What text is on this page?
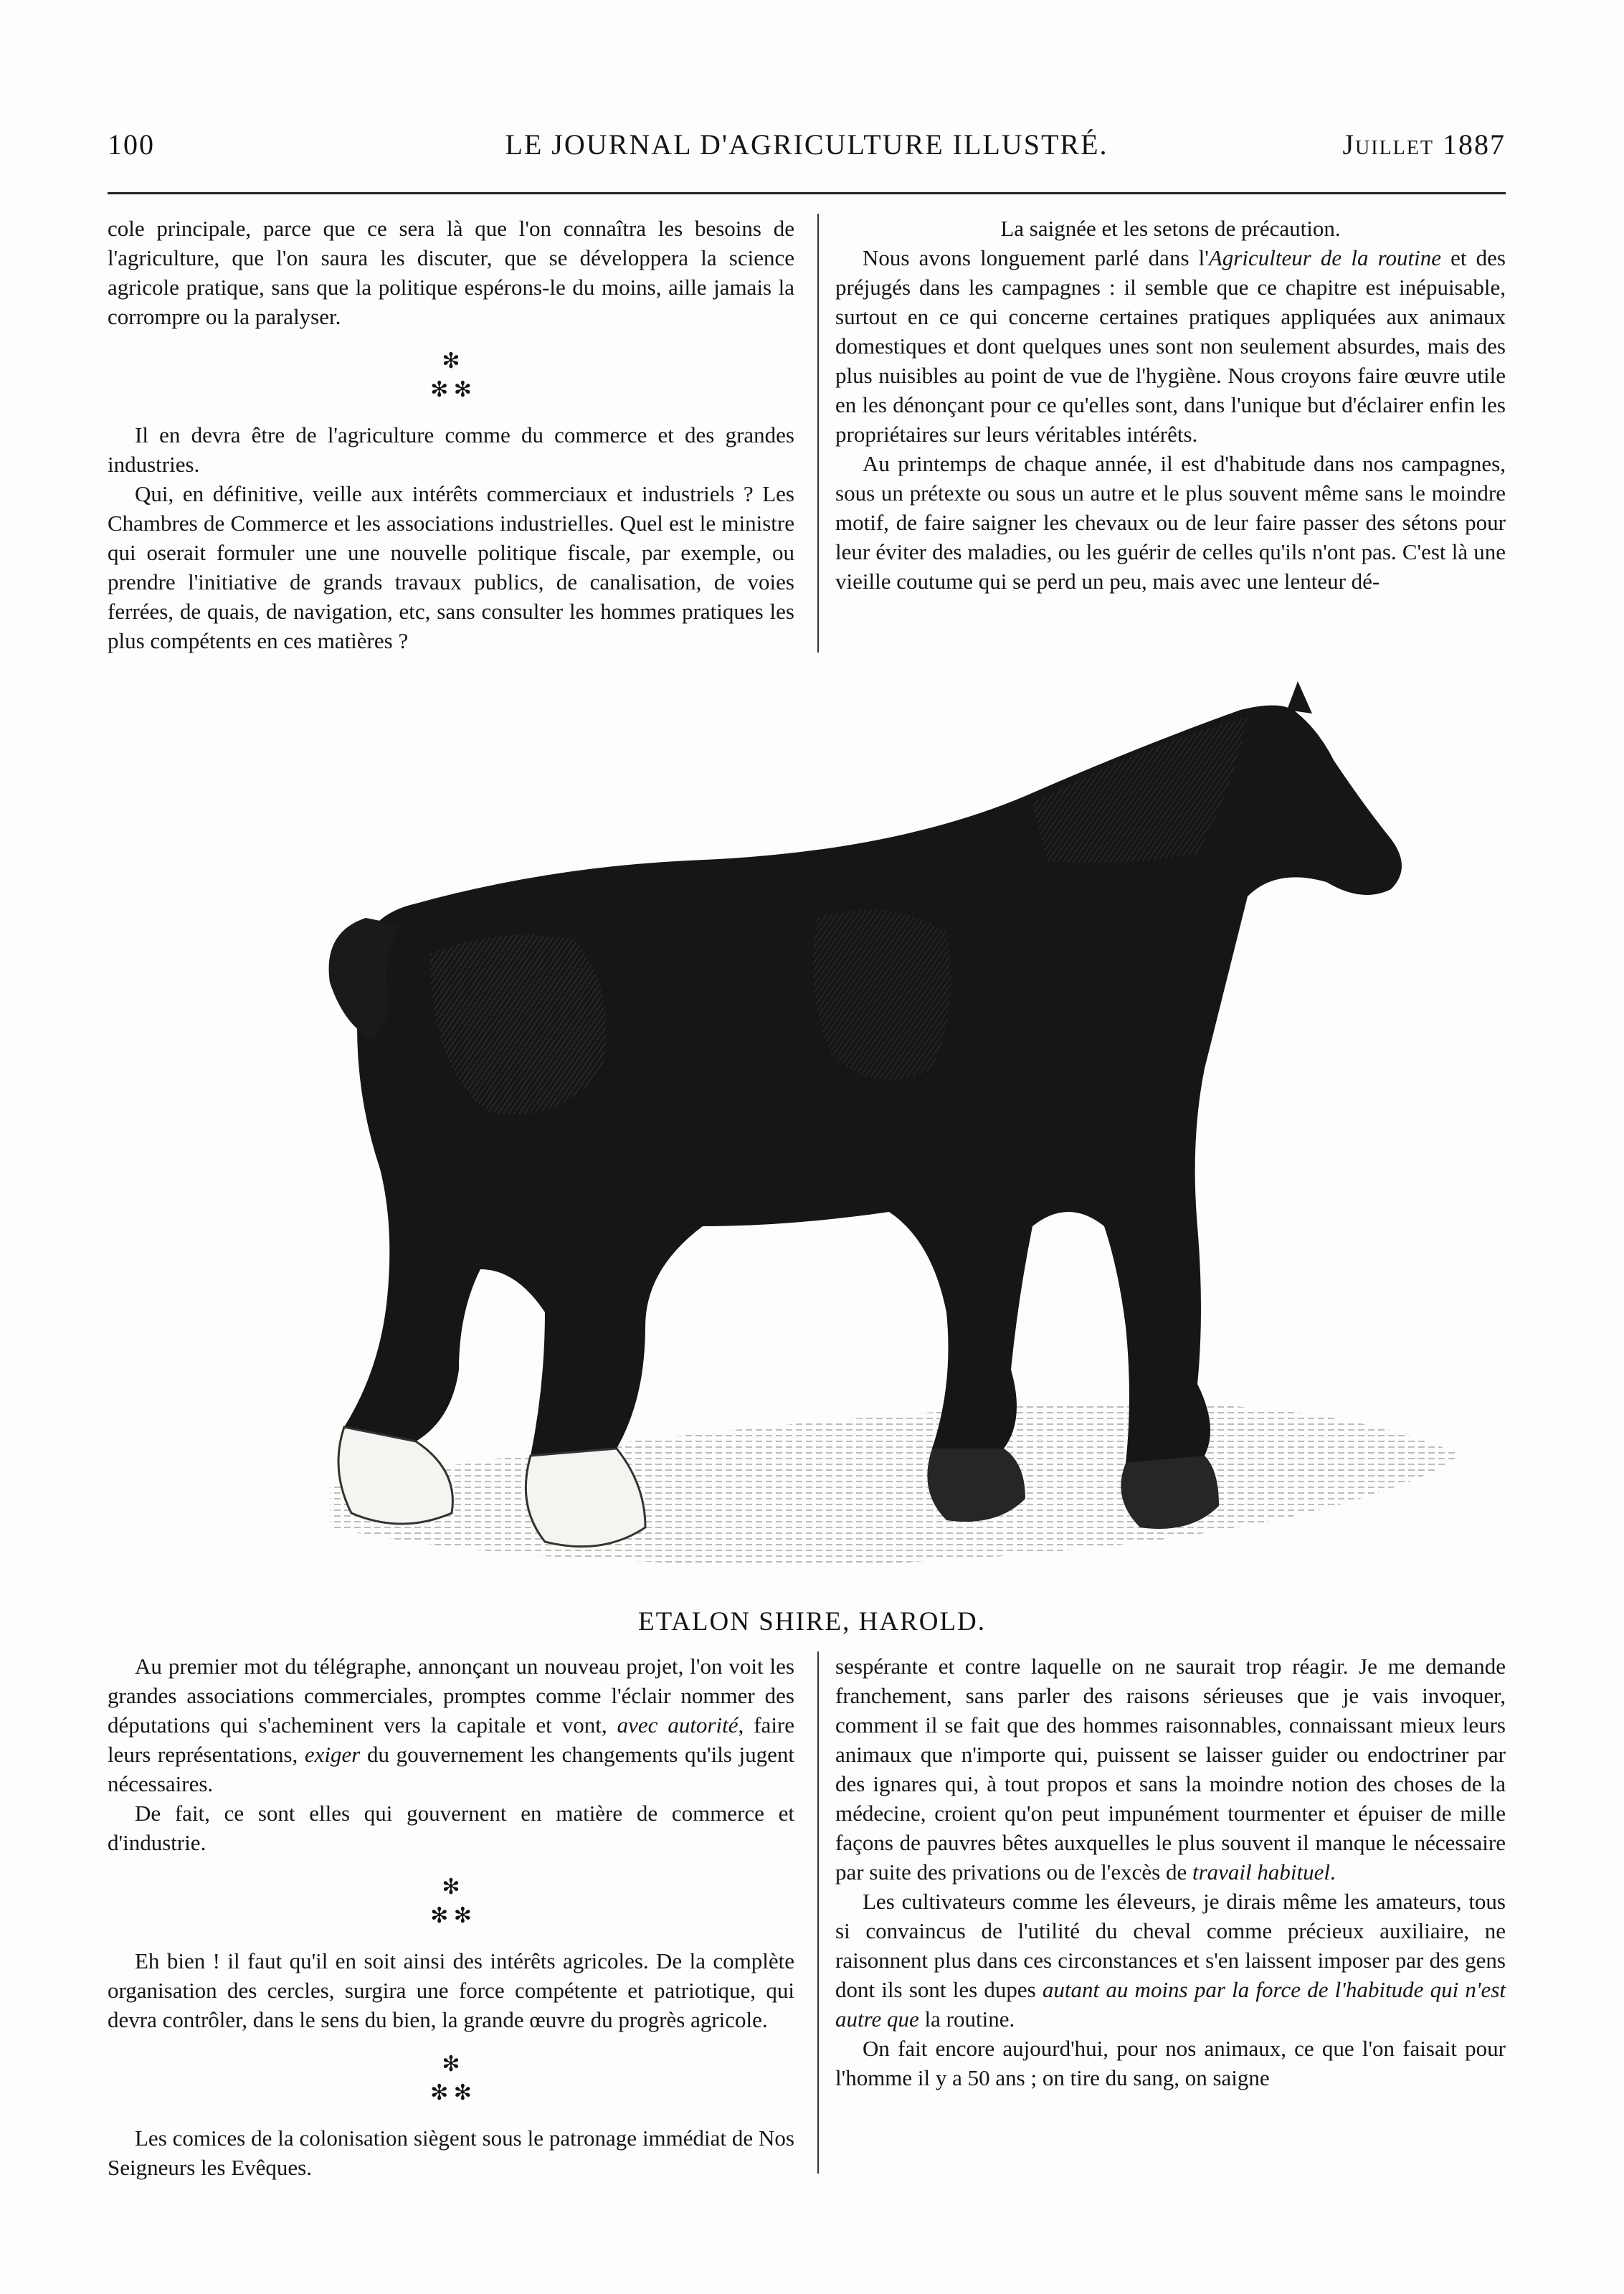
100	LE JOURNAL D'AGRICULTURE ILLUSTRÉ.	Juillet 1887

cole principale, parce que ce sera là que l'on connaîtra les besoins de l'agriculture, que l'on saura les discuter, que se développera la science agricole pratique, sans que la politique espérons-le du moins, aille jamais la corrompre ou la paralyser.

✻
✻ ✻

Il en devra être de l'agriculture comme du commerce et des grandes industries.

Qui, en définitive, veille aux intérêts commerciaux et industriels ? Les Chambres de Commerce et les associations industrielles. Quel est le ministre qui oserait formuler une une nouvelle politique fiscale, par exemple, ou prendre l'initiative de grands travaux publics, de canalisation, de voies ferrées, de quais, de navigation, etc, sans consulter les hommes pratiques les plus compétents en ces matières ?

La saignée et les setons de précaution.

Nous avons longuement parlé dans l'Agriculteur de la routine et des préjugés dans les campagnes : il semble que ce chapitre est inépuisable, surtout en ce qui concerne certaines pratiques appliquées aux animaux domestiques et dont quelques unes sont non seulement absurdes, mais des plus nuisibles au point de vue de l'hygiène. Nous croyons faire œuvre utile en les dénonçant pour ce qu'elles sont, dans l'unique but d'éclairer enfin les propriétaires sur leurs véritables intérêts.

Au printemps de chaque année, il est d'habitude dans nos campagnes, sous un prétexte ou sous un autre et le plus souvent même sans le moindre motif, de faire saigner les chevaux ou de leur faire passer des sétons pour leur éviter des maladies, ou les guérir de celles qu'ils n'ont pas. C'est là une vieille coutume qui se perd un peu, mais avec une lenteur dé-

ETALON SHIRE, HAROLD.

Au premier mot du télégraphe, annonçant un nouveau projet, l'on voit les grandes associations commerciales, promptes comme l'éclair nommer des députations qui s'acheminent vers la capitale et vont, avec autorité, faire leurs représentations, exiger du gouvernement les changements qu'ils jugent nécessaires.

De fait, ce sont elles qui gouvernent en matière de commerce et d'industrie.

✻
✻ ✻

Eh bien ! il faut qu'il en soit ainsi des intérêts agricoles. De la complète organisation des cercles, surgira une force compétente et patriotique, qui devra contrôler, dans le sens du bien, la grande œuvre du progrès agricole.

✻
✻ ✻

Les comices de la colonisation siègent sous le patronage immédiat de Nos Seigneurs les Evêques.

sespérante et contre laquelle on ne saurait trop réagir. Je me demande franchement, sans parler des raisons sérieuses que je vais invoquer, comment il se fait que des hommes raisonnables, connaissant mieux leurs animaux que n'importe qui, puissent se laisser guider ou endoctriner par des ignares qui, à tout propos et sans la moindre notion des choses de la médecine, croient qu'on peut impunément tourmenter et épuiser de mille façons de pauvres bêtes auxquelles le plus souvent il manque le nécessaire par suite des privations ou de l'excès de travail habituel.

Les cultivateurs comme les éleveurs, je dirais même les amateurs, tous si convaincus de l'utilité du cheval comme précieux auxiliaire, ne raisonnent plus dans ces circonstances et s'en laissent imposer par des gens dont ils sont les dupes autant au moins par la force de l'habitude qui n'est autre que la routine.

On fait encore aujourd'hui, pour nos animaux, ce que l'on faisait pour l'homme il y a 50 ans ; on tire du sang, on saigne
